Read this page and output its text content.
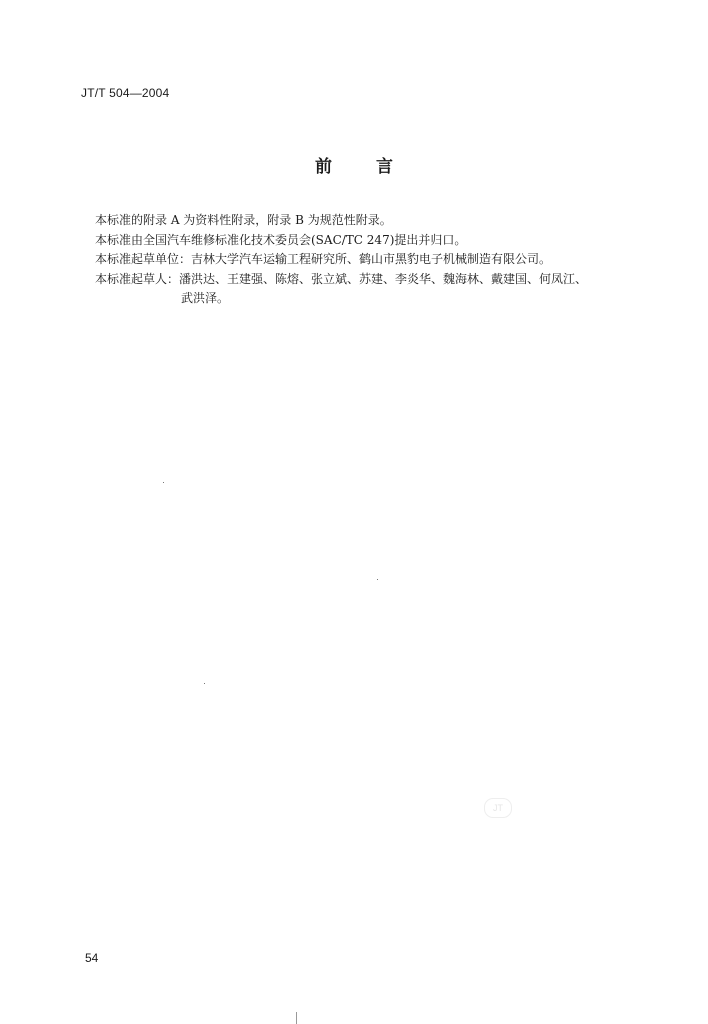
JT/T 504—2004
前	言
本标准的附录 A 为资料性附录，附录 B 为规范性附录。
本标准由全国汽车维修标准化技术委员会(SAC/TC 247)提出并归口。
本标准起草单位：吉林大学汽车运输工程研究所、鹤山市黑豹电子机械制造有限公司。
本标准起草人：潘洪达、王建强、陈熔、张立斌、苏建、李炎华、魏海林、戴建国、何凤江、
武洪泽。
JT
54
